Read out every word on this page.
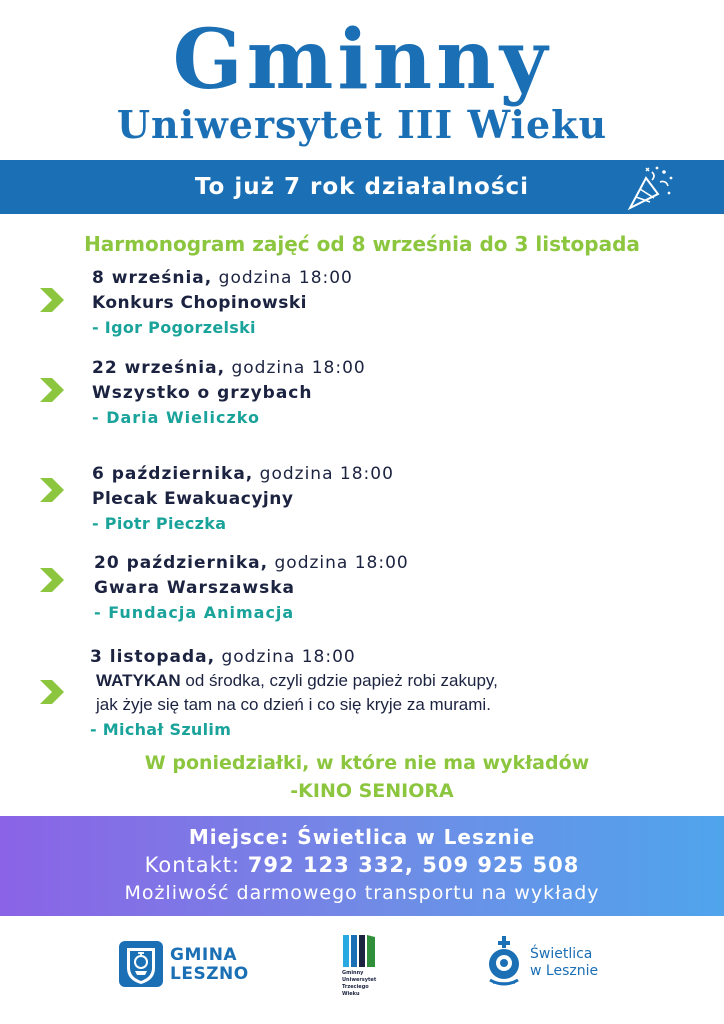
Gminny
Uniwersytet III Wieku
To już 7 rok działalności
Harmonogram zajęć od 8 września do 3 listopada
8 września, godzina 18:00
Konkurs Chopinowski
- Igor Pogorzelski
22 września, godzina 18:00
Wszystko o grzybach
- Daria Wieliczko
6 października, godzina 18:00
Plecak Ewakuacyjny
- Piotr Pieczka
20 października, godzina 18:00
Gwara Warszawska
- Fundacja Animacja
3 listopada, godzina 18:00
WATYKAN od środka, czyli gdzie papież robi zakupy,
jak żyje się tam na co dzień i co się kryje za murami.
- Michał Szulim
W poniedziałki, w które nie ma wykładów
-KINO SENIORA
Miejsce: Świetlica w Lesznie
Kontakt: 792 123 332, 509 925 508
Możliwość darmowego transportu na wykłady
GMINA
LESZNO	Gminny
Uniwersytet
Trzeciego
Wieku
Świetlica
w Lesznie
